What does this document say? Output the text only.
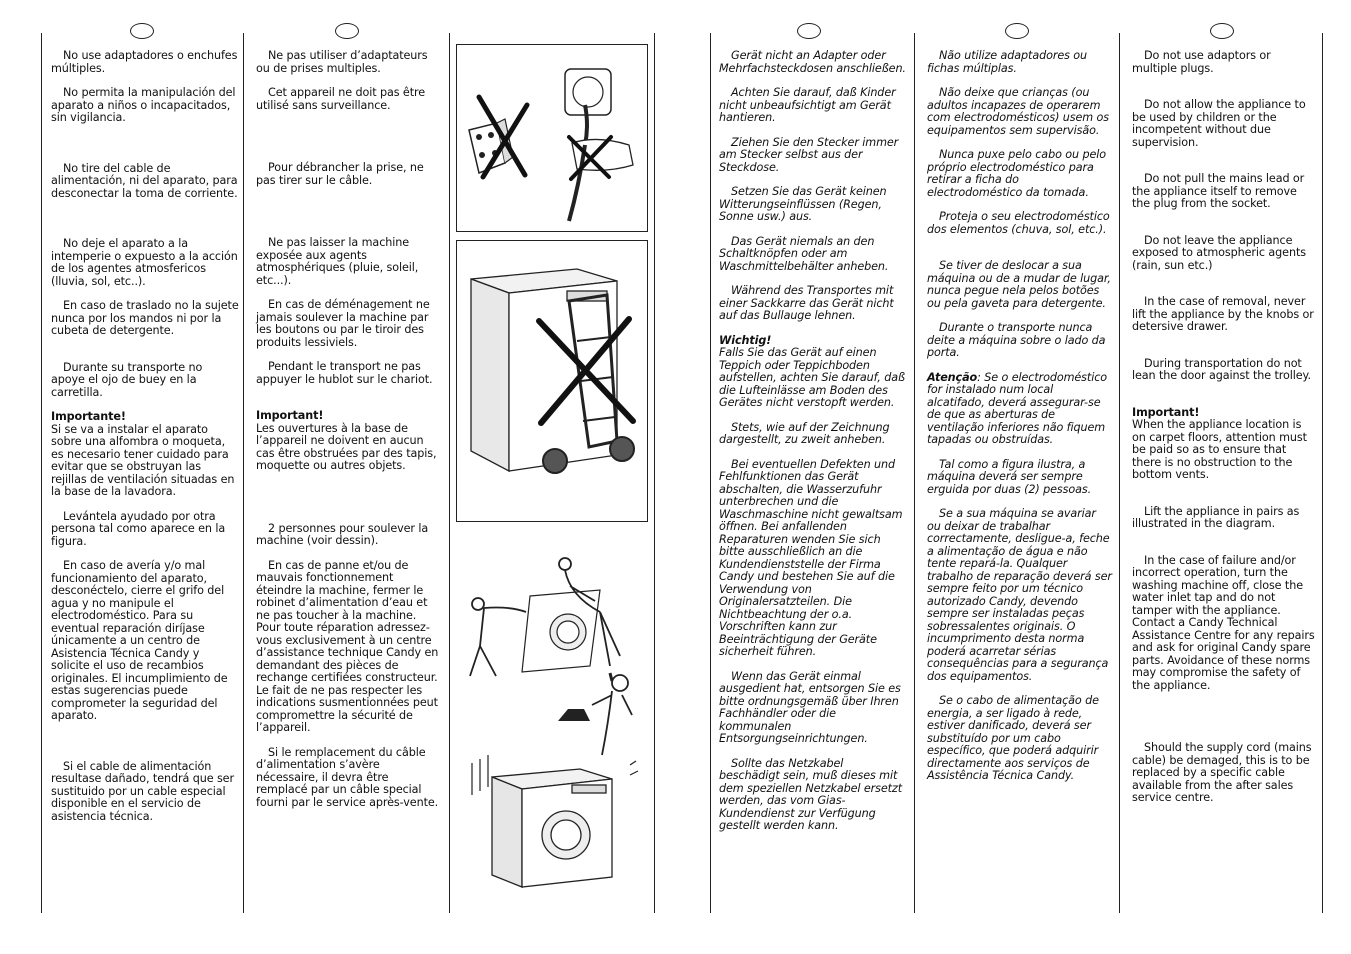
No use adaptadores o enchufes múltiples.

No permita la manipulación del aparato a niños o incapacitados, sin vigilancia.

No tire del cable de alimentación, ni del aparato, para desconectar la toma de corriente.

No deje el aparato a la intemperie o expuesto a la acción de los agentes atmosfericos (lluvia, sol, etc..).

En caso de traslado no la sujete nunca por los mandos ni por la cubeta de detergente.

Durante su transporte no apoye el ojo de buey en la carretilla.

Importante!

Si se va a instalar el aparato sobre una alfombra o moqueta, es necesario tener cuidado para evitar que se obstruyan las rejillas de ventilación situadas en la base de la lavadora.

Levántela ayudado por otra persona tal como aparece en la figura.

En caso de avería y/o mal funcionamiento del aparato, desconéctelo, cierre el grifo del agua y no manipule el electrodoméstico. Para su eventual reparación diríjase únicamente a un centro de Asistencia Técnica Candy y solicite el uso de recambios originales. El incumplimiento de estas sugerencias puede comprometer la seguridad del aparato.

Si el cable de alimentación resultase dañado, tendrá que ser sustituido por un cable especial disponible en el servicio de asistencia técnica.

Ne pas utiliser d’adaptateurs ou de prises multiples.

Cet appareil ne doit pas être utilisé sans surveillance.

Pour débrancher la prise, ne pas tirer sur le câble.

Ne pas laisser la machine exposée aux agents atmosphériques (pluie, soleil, etc...).

En cas de déménagement ne jamais soulever la machine par les boutons ou par le tiroir des produits lessiviels.

Pendant le transport ne pas appuyer le hublot sur le chariot.

Important!

Les ouvertures à la base de l’appareil ne doivent en aucun cas être obstruées par des tapis, moquette ou autres objets.

2 personnes pour soulever la machine (voir dessin).

En cas de panne et/ou de mauvais fonctionnement éteindre la machine, fermer le robinet d’alimentation d’eau et ne pas toucher à la machine. Pour toute réparation adressez-vous exclusivement à un centre d’assistance technique Candy en demandant des pièces de rechange certifiées constructeur. Le fait de ne pas respecter les indications susmentionnées peut compromettre la sécurité de l’appareil.

Si le remplacement du câble d’alimentation s’avère nécessaire, il devra être remplacé par un câble special fourni par le service après-vente.

Gerät nicht an Adapter oder Mehrfachsteckdosen anschließen.

Achten Sie darauf, daß Kinder nicht unbeaufsichtigt am Gerät hantieren.

Ziehen Sie den Stecker immer am Stecker selbst aus der Steckdose.

Setzen Sie das Gerät keinen Witterungseinflüssen (Regen, Sonne usw.) aus.

Das Gerät niemals an den Schaltknöpfen oder am Waschmittelbehälter anheben.

Während des Transportes mit einer Sackkarre das Gerät nicht auf das Bullauge lehnen.

Wichtig!

Falls Sie das Gerät auf einen Teppich oder Teppichboden aufstellen, achten Sie darauf, daß die Lufteinlässe am Boden des Gerätes nicht verstopft werden.

Stets, wie auf der Zeichnung dargestellt, zu zweit anheben.

Bei eventuellen Defekten und Fehlfunktionen das Gerät abschalten, die Wasserzufuhr unterbrechen und die Waschmaschine nicht gewaltsam öffnen. Bei anfallenden Reparaturen wenden Sie sich bitte ausschließlich an die Kundendienststelle der Firma Candy und bestehen Sie auf die Verwendung von Originalersatzteilen. Die Nichtbeachtung der o.a. Vorschriften kann zur Beeinträchtigung der Geräte sicherheit führen.

Wenn das Gerät einmal ausgedient hat, entsorgen Sie es bitte ordnungsgemäß über Ihren Fachhändler oder die kommunalen Entsorgungseinrichtungen.

Sollte das Netzkabel beschädigt sein, muß dieses mit dem speziellen Netzkabel ersetzt werden, das vom Gias-Kundendienst zur Verfügung gestellt werden kann.

Não utilize adaptadores ou fichas múltiplas.

Não deixe que crianças (ou adultos incapazes de operarem com electrodomésticos) usem os equipamentos sem supervisão.

Nunca puxe pelo cabo ou pelo próprio electrodoméstico para retirar a ficha do electrodoméstico da tomada.

Proteja o seu electrodoméstico dos elementos (chuva, sol, etc.).

Se tiver de deslocar a sua máquina ou de a mudar de lugar, nunca pegue nela pelos botões ou pela gaveta para detergente.

Durante o transporte nunca deite a máquina sobre o lado da porta.

Atenção: Se o electrodoméstico for instalado num local alcatifado, deverá assegurar-se de que as aberturas de ventilação inferiores não fiquem tapadas ou obstruídas.

Tal como a figura ilustra, a máquina deverá ser sempre erguida por duas (2) pessoas.

Se a sua máquina se avariar ou deixar de trabalhar correctamente, desligue-a, feche a alimentação de água e não tente repará-la. Qualquer trabalho de reparação deverá ser sempre feito por um técnico autorizado Candy, devendo sempre ser instaladas peças sobressalentes originais. O incumprimento desta norma poderá acarretar sérias consequências para a segurança dos equipamentos.

Se o cabo de alimentação de energia, a ser ligado à rede, estiver danificado, deverá ser substituído por um cabo específico, que poderá adquirir directamente aos serviços de Assistência Técnica Candy.

Do not use adaptors or multiple plugs.

Do not allow the appliance to be used by children or the incompetent without due supervision.

Do not pull the mains lead or the appliance itself to remove the plug from the socket.

Do not leave the appliance exposed to atmospheric agents (rain, sun etc.)

In the case of removal, never lift the appliance by the knobs or detersive drawer.

During transportation do not lean the door against the trolley.

Important!

When the appliance location is on carpet floors, attention must be paid so as to ensure that there is no obstruction to the bottom vents.

Lift the appliance in pairs as illustrated in the diagram.

In the case of failure and/or incorrect operation, turn the washing machine off, close the water inlet tap and do not tamper with the appliance. Contact a Candy Technical Assistance Centre for any repairs and ask for original Candy spare parts. Avoidance of these norms may compromise the safety of the appliance.

Should the supply cord (mains cable) be demaged, this is to be replaced by a specific cable available from the after sales service centre.
